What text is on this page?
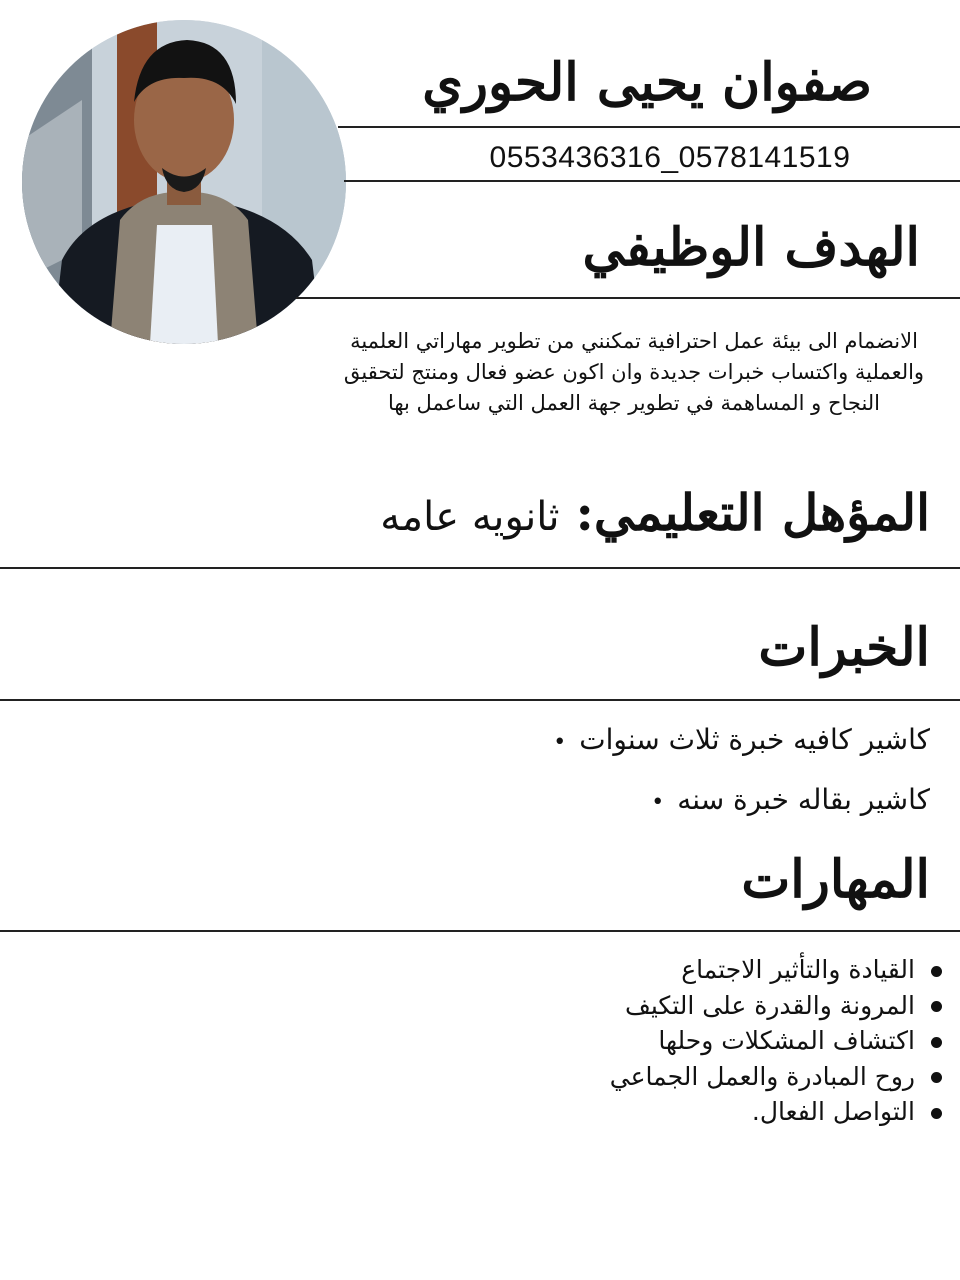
صفوان يحيى الحوري
0553436316_0578141519
الهدف الوظيفي
الانضمام الى بيئة عمل احترافية تمكنني من تطوير مهاراتي العلمية والعملية واكتساب خبرات جديدة وان اكون عضو فعال ومنتج لتحقيق النجاح و المساهمة في تطوير جهة العمل التي ساعمل بها
المؤهل التعليمي: ثانويه عامه
الخبرات
كاشير كافيه خبرة ثلاث سنوات •
كاشير بقاله خبرة سنه •
المهارات
القيادة والتأثير الاجتماع
المرونة والقدرة على التكيف
اكتشاف المشكلات وحلها
روح المبادرة والعمل الجماعي
التواصل الفعال.
